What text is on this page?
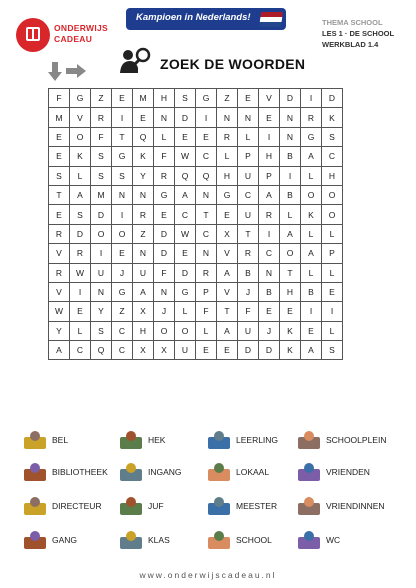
ONDERWIJS
CADEAU
Kampioen in Nederlands!	THEMA SCHOOL
LES 1 · DE SCHOOL
WERKBLAD 1.4
ZOEK DE WOORDEN
F	G	Z	E	M	H	S	G	Z	E	V	D	I	D
M	V	R	I	E	N	D	I	N	N	E	N	R	K
E	O	F	T	Q	L	E	E	R	L	I	N	G	S
E	K	S	G	K	F	W	C	L	P	H	B	A	C
S	L	S	S	Y	R	Q	Q	H	U	P	I	L	H
T	A	M	N	N	G	A	N	G	C	A	B	O	O
E	S	D	I	R	E	C	T	E	U	R	L	K	O
R	D	O	O	Z	D	W	C	X	T	I	A	L	L
V	R	I	E	N	D	E	N	V	R	C	O	A	P
R	W	U	J	U	F	D	R	A	B	N	T	L	L
V	I	N	G	A	N	G	P	V	J	B	H	B	E
W	E	Y	Z	X	J	L	F	T	F	E	E	I	I
Y	L	S	C	H	O	O	L	A	U	J	K	E	L
A	C	Q	C	X	X	U	E	E	D	D	K	A	S
BEL	HEK	LEERLING	SCHOOLPLEIN
BIBLIOTHEEK	INGANG	LOKAAL	VRIENDEN
DIRECTEUR	JUF	MEESTER	VRIENDINNEN
GANG	KLAS	SCHOOL	WC
www.onderwijscadeau.nl
